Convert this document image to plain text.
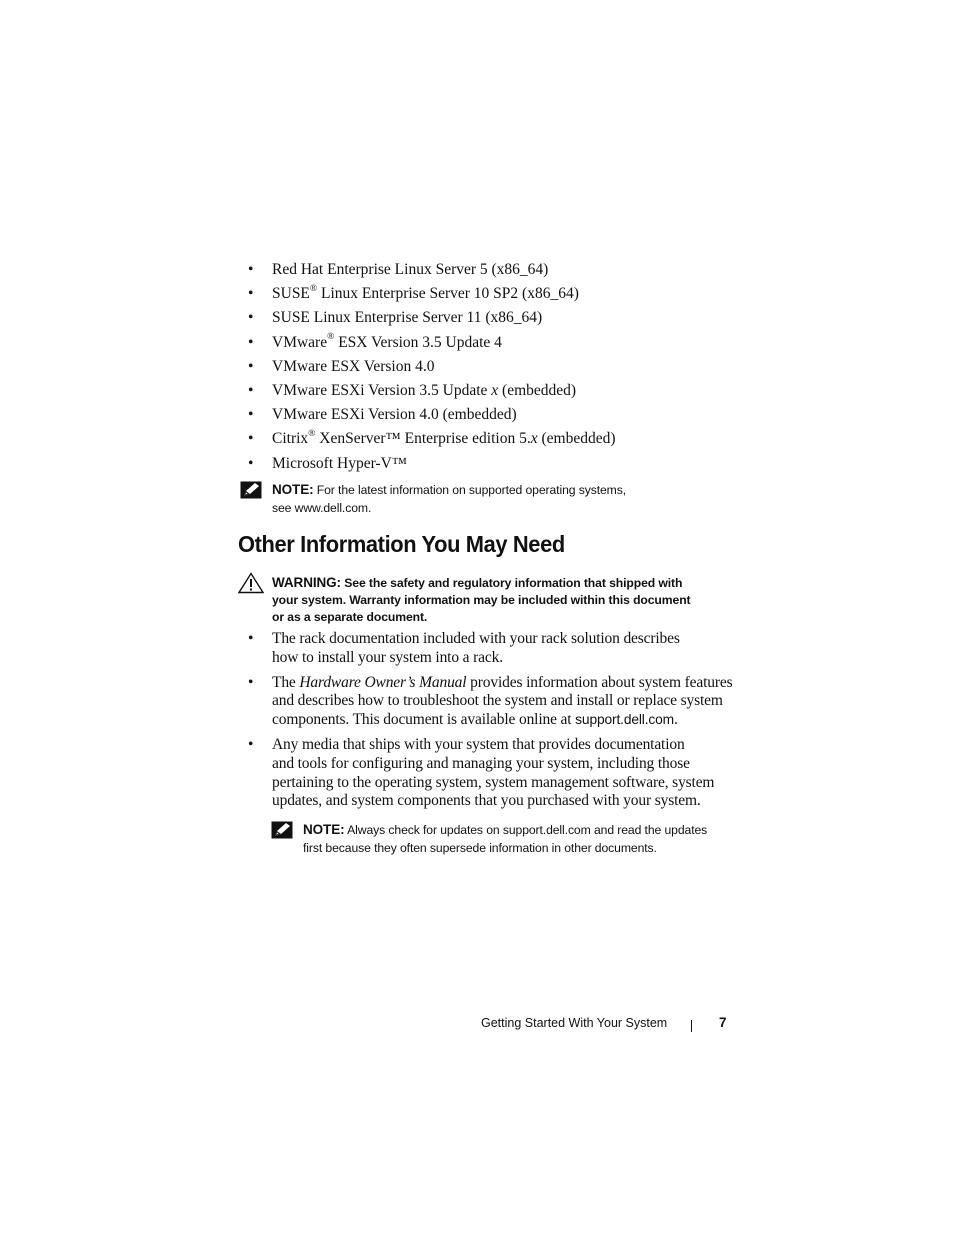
• Red Hat Enterprise Linux Server 5 (x86_64)
• SUSE® Linux Enterprise Server 10 SP2 (x86_64)
• SUSE Linux Enterprise Server 11 (x86_64)
• VMware® ESX Version 3.5 Update 4
• VMware ESX Version 4.0
• VMware ESXi Version 3.5 Update x (embedded)
• VMware ESXi Version 4.0 (embedded)
• Citrix® XenServer™ Enterprise edition 5.x (embedded)
• Microsoft Hyper-V™
NOTE: For the latest information on supported operating systems,
see www.dell.com.
Other Information You May Need
WARNING: See the safety and regulatory information that shipped with
your system. Warranty information may be included within this document
or as a separate document.
• The rack documentation included with your rack solution describes
how to install your system into a rack.
• The Hardware Owner’s Manual provides information about system features
and describes how to troubleshoot the system and install or replace system
components. This document is available online at support.dell.com.
• Any media that ships with your system that provides documentation
and tools for configuring and managing your system, including those
pertaining to the operating system, system management software, system
updates, and system components that you purchased with your system.
NOTE: Always check for updates on support.dell.com and read the updates
first because they often supersede information in other documents.
Getting Started With Your System	7
